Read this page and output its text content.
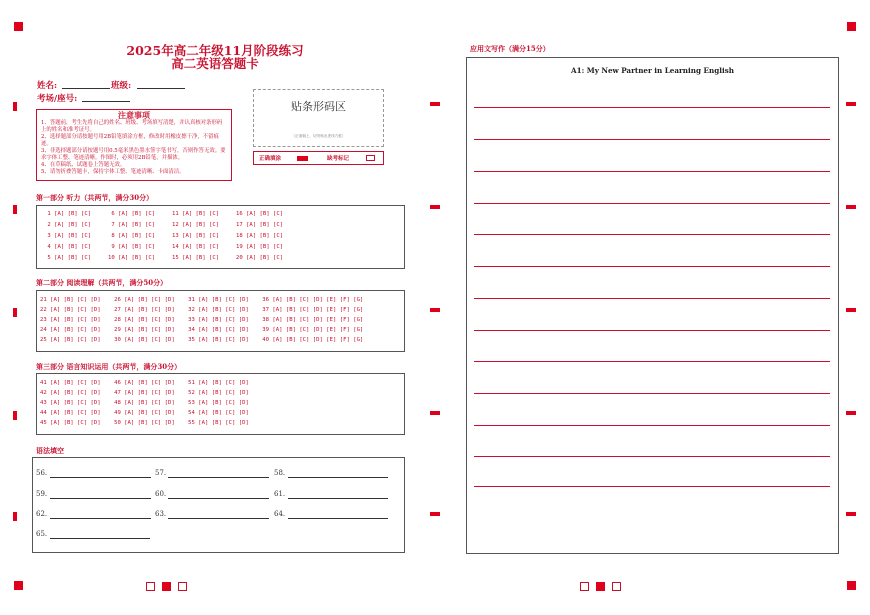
2025年高二年级11月阶段练习
高二英语答题卡
姓名:	班级:
考场/座号:
注意事项
1、答题前，考生先将自己的姓名、班级、考场填写清楚，并认真核对条形码上的姓名和准考证号。
2、选择题部分请按题号用2B铅笔填涂方框，修改时用橡皮擦干净，不留痕迹。
3、非选择题部分请按题号用0.5毫米黑色墨水签字笔书写，否则作答无效。要求字体工整、笔迹清晰。作图时，必须用2B铅笔，并描浓。
4、在草稿纸、试题卷上答题无效。
5、请勿折叠答题卡，保持字体工整、笔迹清晰、卡面清洁。
贴条形码区
（正面朝上，切勿贴出虚线方框）
正确填涂	缺考标记
第一部分 听力（共两节，满分30分）
1 [A] [B] [C]      6 [A] [B] [C]     11 [A] [B] [C]     16 [A] [B] [C]
2 [A] [B] [C]      7 [A] [B] [C]     12 [A] [B] [C]     17 [A] [B] [C]
3 [A] [B] [C]      8 [A] [B] [C]     13 [A] [B] [C]     18 [A] [B] [C]
4 [A] [B] [C]      9 [A] [B] [C]     14 [A] [B] [C]     19 [A] [B] [C]
5 [A] [B] [C]     10 [A] [B] [C]     15 [A] [B] [C]     20 [A] [B] [C]
第二部分 阅读理解（共两节，满分50分）
21 [A] [B] [C] [D]    26 [A] [B] [C] [D]    31 [A] [B] [C] [D]    36 [A] [B] [C] [D] [E] [F] [G]
22 [A] [B] [C] [D]    27 [A] [B] [C] [D]    32 [A] [B] [C] [D]    37 [A] [B] [C] [D] [E] [F] [G]
23 [A] [B] [C] [D]    28 [A] [B] [C] [D]    33 [A] [B] [C] [D]    38 [A] [B] [C] [D] [E] [F] [G]
24 [A] [B] [C] [D]    29 [A] [B] [C] [D]    34 [A] [B] [C] [D]    39 [A] [B] [C] [D] [E] [F] [G]
25 [A] [B] [C] [D]    30 [A] [B] [C] [D]    35 [A] [B] [C] [D]    40 [A] [B] [C] [D] [E] [F] [G]
第三部分 语言知识运用（共两节，满分30分）
41 [A] [B] [C] [D]    46 [A] [B] [C] [D]    51 [A] [B] [C] [D]
42 [A] [B] [C] [D]    47 [A] [B] [C] [D]    52 [A] [B] [C] [D]
43 [A] [B] [C] [D]    48 [A] [B] [C] [D]    53 [A] [B] [C] [D]
44 [A] [B] [C] [D]    49 [A] [B] [C] [D]    54 [A] [B] [C] [D]
45 [A] [B] [C] [D]    50 [A] [B] [C] [D]    55 [A] [B] [C] [D]
语法填空
56.	57.	58.
59.	60.	61.
62.	63.	64.
65.
应用文写作（满分15分）
A1: My New Partner in Learning English
